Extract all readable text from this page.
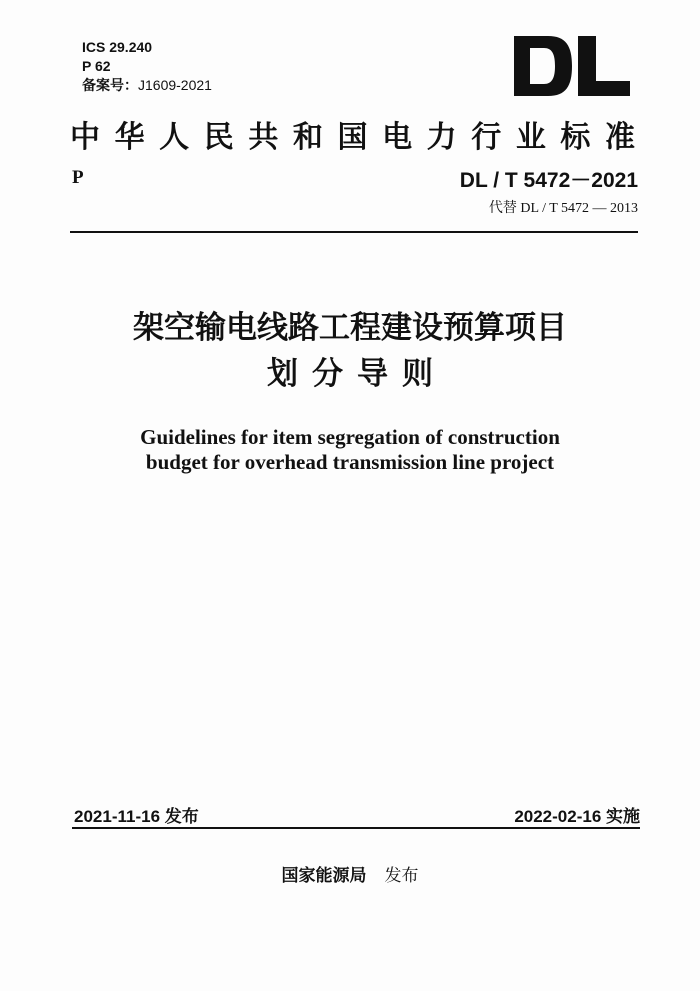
ICS 29.240
P 62
备案号：J1609-2021
中华人民共和国电力行业标准
P	DL / T 5472－2021
代替 DL / T 5472 — 2013
架空输电线路工程建设预算项目
划分导则
Guidelines for item segregation of construction
budget for overhead transmission line project
2021-11-16 发布	2022-02-16 实施
国家能源局 发布
